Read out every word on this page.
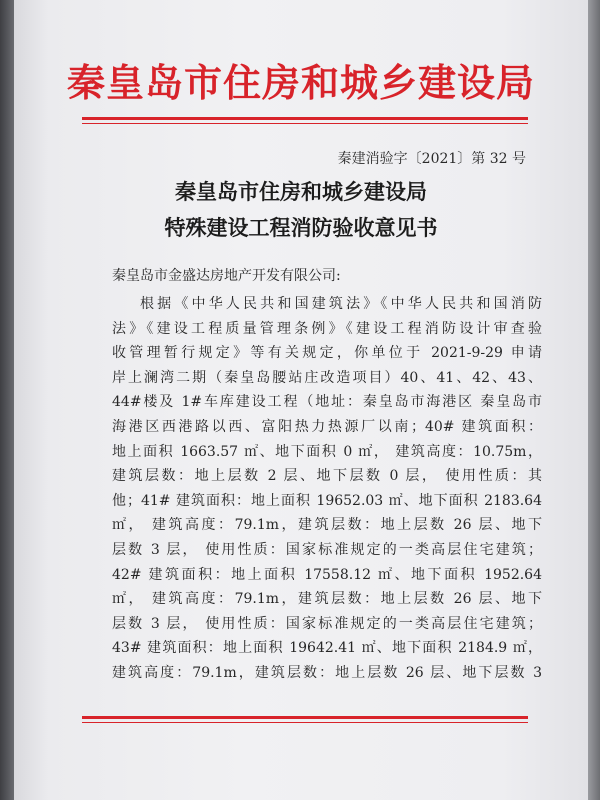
秦皇岛市住房和城乡建设局
秦建消验字〔2021〕第 32 号
秦皇岛市住房和城乡建设局
特殊建设工程消防验收意见书
秦皇岛市金盛达房地产开发有限公司:
根据《中华人民共和国建筑法》《中华人民共和国消防
法》《建设工程质量管理条例》《建设工程消防设计审查验
收管理暂行规定》等有关规定，你单位于 2021-9-29 申请
岸上澜湾二期（秦皇岛腰站庄改造项目）40、41、42、43、
44#楼及 1#车库建设工程（地址：秦皇岛市海港区 秦皇岛市
海港区西港路以西、富阳热力热源厂以南；40# 建筑面积：
地上面积 1663.57 ㎡、地下面积 0 ㎡， 建筑高度：10.75m，
建筑层数：地上层数 2 层、地下层数 0 层， 使用性质：其
他；41# 建筑面积：地上面积 19652.03 ㎡、地下面积 2183.64
㎡， 建筑高度：79.1m，建筑层数：地上层数 26 层、地下
层数 3 层， 使用性质：国家标准规定的一类高层住宅建筑；
42# 建筑面积：地上面积 17558.12 ㎡、地下面积 1952.64
㎡， 建筑高度：79.1m，建筑层数：地上层数 26 层、地下
层数 3 层， 使用性质：国家标准规定的一类高层住宅建筑；
43# 建筑面积：地上面积 19642.41 ㎡、地下面积 2184.9 ㎡，
建筑高度：79.1m，建筑层数：地上层数 26 层、地下层数 3
